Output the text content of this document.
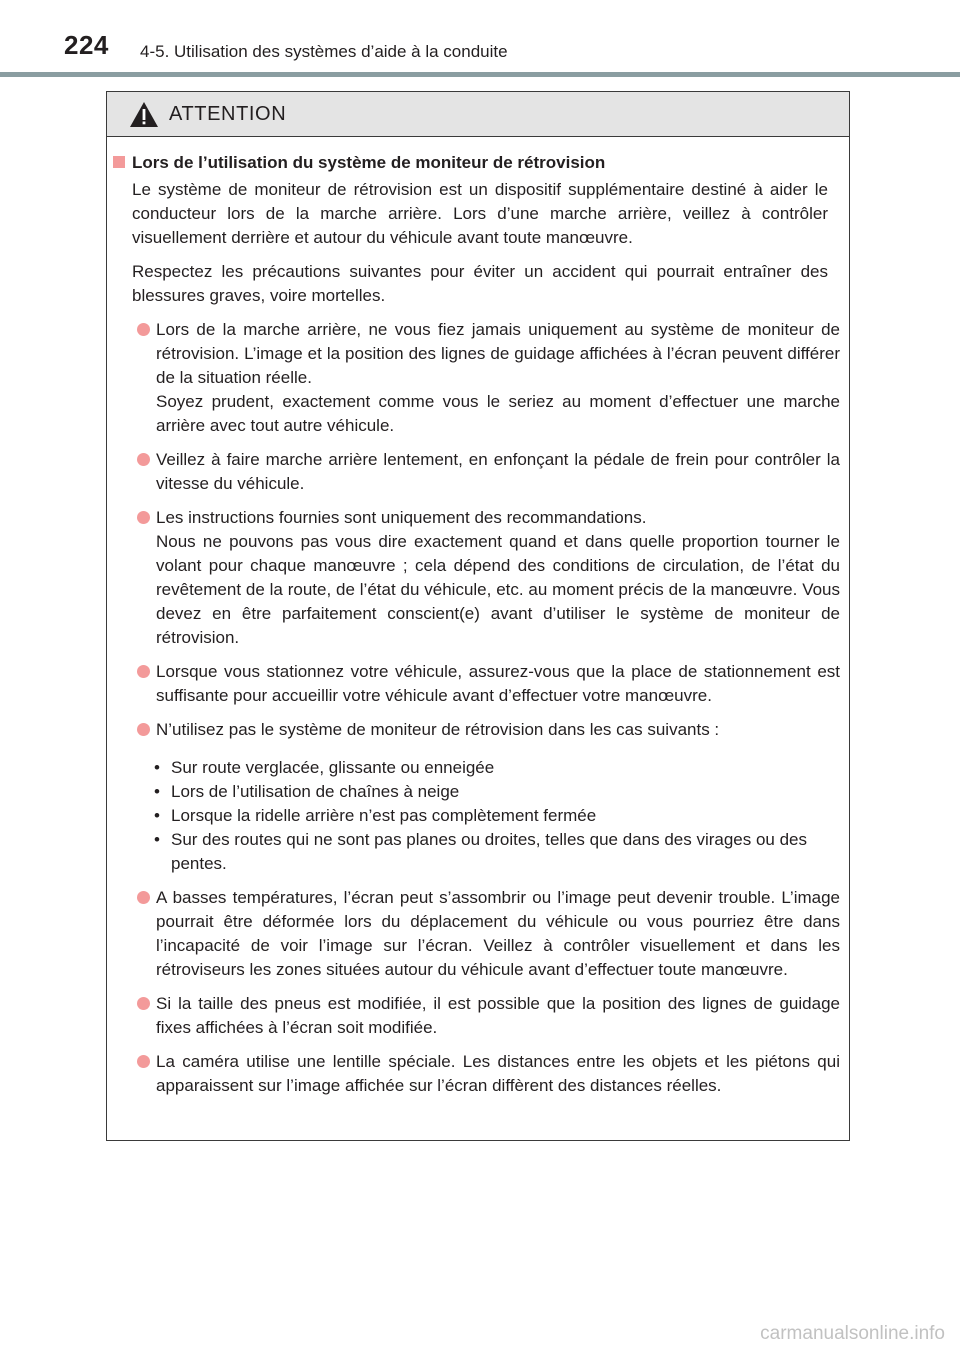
224 4-5. Utilisation des systèmes d’aide à la conduite
ATTENTION
Lors de l’utilisation du système de moniteur de rétrovision
Le système de moniteur de rétrovision est un dispositif supplémentaire destiné à aider le conducteur lors de la marche arrière. Lors d’une marche arrière, veillez à contrôler visuellement derrière et autour du véhicule avant toute manœuvre.
Respectez les précautions suivantes pour éviter un accident qui pourrait entraîner des blessures graves, voire mortelles.
Lors de la marche arrière, ne vous fiez jamais uniquement au système de moniteur de rétrovision. L’image et la position des lignes de guidage affichées à l’écran peuvent différer de la situation réelle.
Soyez prudent, exactement comme vous le seriez au moment d’effectuer une marche arrière avec tout autre véhicule.
Veillez à faire marche arrière lentement, en enfonçant la pédale de frein pour contrôler la vitesse du véhicule.
Les instructions fournies sont uniquement des recommandations.
Nous ne pouvons pas vous dire exactement quand et dans quelle proportion tourner le volant pour chaque manœuvre ; cela dépend des conditions de circulation, de l’état du revêtement de la route, de l’état du véhicule, etc. au moment précis de la manœuvre. Vous devez en être parfaitement conscient(e) avant d’utiliser le système de moniteur de rétrovision.
Lorsque vous stationnez votre véhicule, assurez-vous que la place de stationnement est suffisante pour accueillir votre véhicule avant d’effectuer votre manœuvre.
N’utilisez pas le système de moniteur de rétrovision dans les cas suivants :
• Sur route verglacée, glissante ou enneigée
• Lors de l’utilisation de chaînes à neige
• Lorsque la ridelle arrière n’est pas complètement fermée
• Sur des routes qui ne sont pas planes ou droites, telles que dans des virages ou des pentes.
A basses températures, l’écran peut s’assombrir ou l’image peut devenir trouble. L’image pourrait être déformée lors du déplacement du véhicule ou vous pourriez être dans l’incapacité de voir l’image sur l’écran. Veillez à contrôler visuellement et dans les rétroviseurs les zones situées autour du véhicule avant d’effectuer toute manœuvre.
Si la taille des pneus est modifiée, il est possible que la position des lignes de guidage fixes affichées à l’écran soit modifiée.
La caméra utilise une lentille spéciale. Les distances entre les objets et les piétons qui apparaissent sur l’image affichée sur l’écran diffèrent des distances réelles.
carmanualsonline.info
